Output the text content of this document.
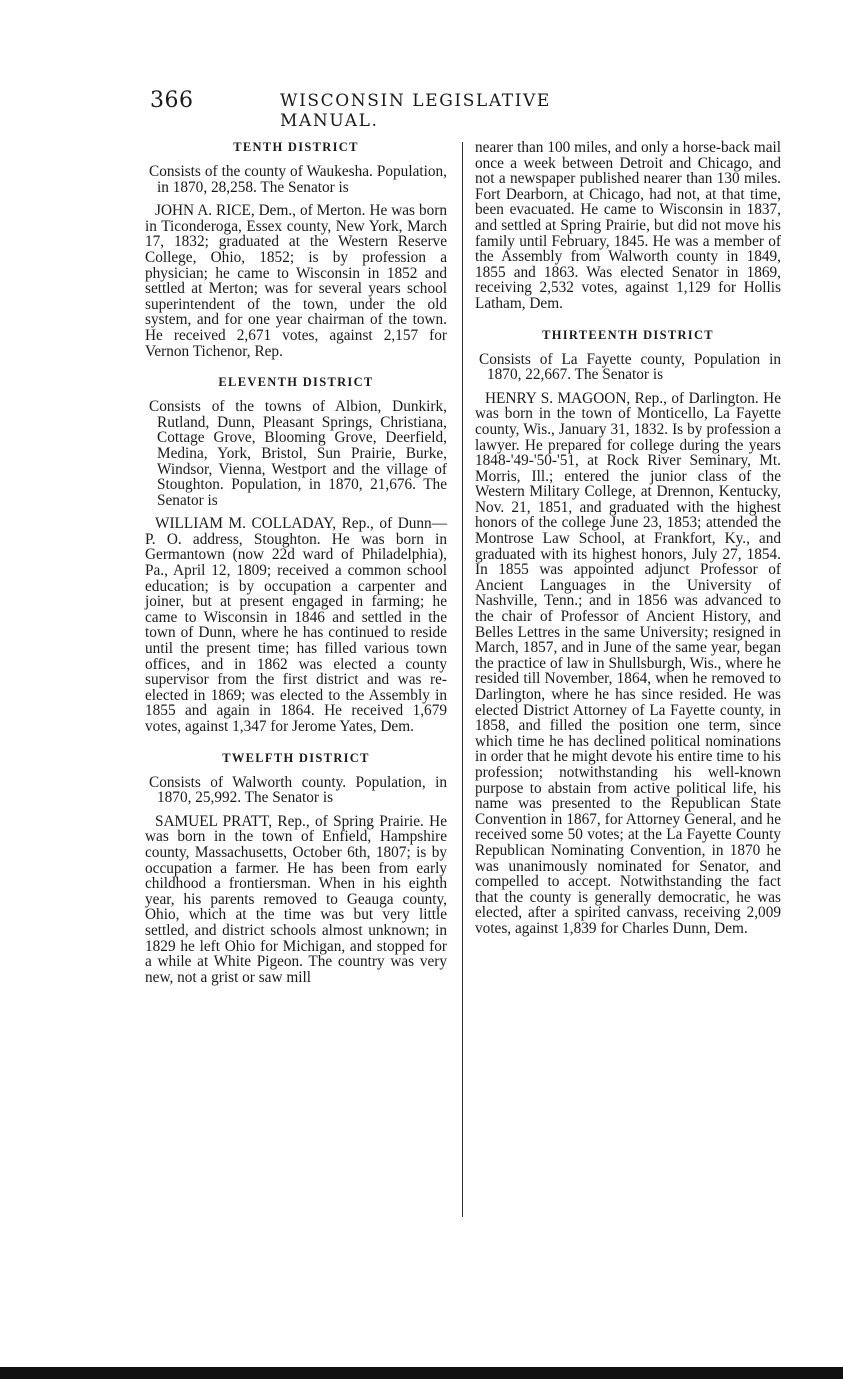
366	WISCONSIN LEGISLATIVE MANUAL.
TENTH DISTRICT

Consists of the county of Waukesha. Population, in 1870, 28,258. The Senator is

JOHN A. RICE, Dem., of Merton. He was born in Ticonderoga, Essex county, New York, March 17, 1832; graduated at the Western Reserve College, Ohio, 1852; is by profession a physician; he came to Wisconsin in 1852 and settled at Merton; was for several years school superintendent of the town, under the old system, and for one year chairman of the town. He received 2,671 votes, against 2,157 for Vernon Tichenor, Rep.

ELEVENTH DISTRICT

Consists of the towns of Albion, Dunkirk, Rutland, Dunn, Pleasant Springs, Christiana, Cottage Grove, Blooming Grove, Deerfield, Medina, York, Bristol, Sun Prairie, Burke, Windsor, Vienna, Westport and the village of Stoughton. Population, in 1870, 21,676. The Senator is

WILLIAM M. COLLADAY, Rep., of Dunn—P. O. address, Stoughton. He was born in Germantown (now 22d ward of Philadelphia), Pa., April 12, 1809; received a common school education; is by occupation a carpenter and joiner, but at present engaged in farming; he came to Wisconsin in 1846 and settled in the town of Dunn, where he has continued to reside until the present time; has filled various town offices, and in 1862 was elected a county supervisor from the first district and was re-elected in 1869; was elected to the Assembly in 1855 and again in 1864. He received 1,679 votes, against 1,347 for Jerome Yates, Dem.

TWELFTH DISTRICT

Consists of Walworth county. Population, in 1870, 25,992. The Senator is

SAMUEL PRATT, Rep., of Spring Prairie. He was born in the town of Enfield, Hampshire county, Massachusetts, October 6th, 1807; is by occupation a farmer. He has been from early childhood a frontiersman. When in his eighth year, his parents removed to Geauga county, Ohio, which at the time was but very little settled, and district schools almost unknown; in 1829 he left Ohio for Michigan, and stopped for a while at White Pigeon. The country was very new, not a grist or saw mill

nearer than 100 miles, and only a horse-back mail once a week between Detroit and Chicago, and not a newspaper published nearer than 130 miles. Fort Dearborn, at Chicago, had not, at that time, been evacuated. He came to Wisconsin in 1837, and settled at Spring Prairie, but did not move his family until February, 1845. He was a member of the Assembly from Walworth county in 1849, 1855 and 1863. Was elected Senator in 1869, receiving 2,532 votes, against 1,129 for Hollis Latham, Dem.

THIRTEENTH DISTRICT

Consists of La Fayette county, Population in 1870, 22,667. The Senator is

HENRY S. MAGOON, Rep., of Darlington. He was born in the town of Monticello, La Fayette county, Wis., January 31, 1832. Is by profession a lawyer. He prepared for college during the years 1848-'49-'50-'51, at Rock River Seminary, Mt. Morris, Ill.; entered the junior class of the Western Military College, at Drennon, Kentucky, Nov. 21, 1851, and graduated with the highest honors of the college June 23, 1853; attended the Montrose Law School, at Frankfort, Ky., and graduated with its highest honors, July 27, 1854. In 1855 was appointed adjunct Professor of Ancient Languages in the University of Nashville, Tenn.; and in 1856 was advanced to the chair of Professor of Ancient History, and Belles Lettres in the same University; resigned in March, 1857, and in June of the same year, began the practice of law in Shullsburgh, Wis., where he resided till November, 1864, when he removed to Darlington, where he has since resided. He was elected District Attorney of La Fayette county, in 1858, and filled the position one term, since which time he has declined political nominations in order that he might devote his entire time to his profession; notwithstanding his well-known purpose to abstain from active political life, his name was presented to the Republican State Convention in 1867, for Attorney General, and he received some 50 votes; at the La Fayette County Republican Nominating Convention, in 1870 he was unanimously nominated for Senator, and compelled to accept. Notwithstanding the fact that the county is generally democratic, he was elected, after a spirited canvass, receiving 2,009 votes, against 1,839 for Charles Dunn, Dem.
